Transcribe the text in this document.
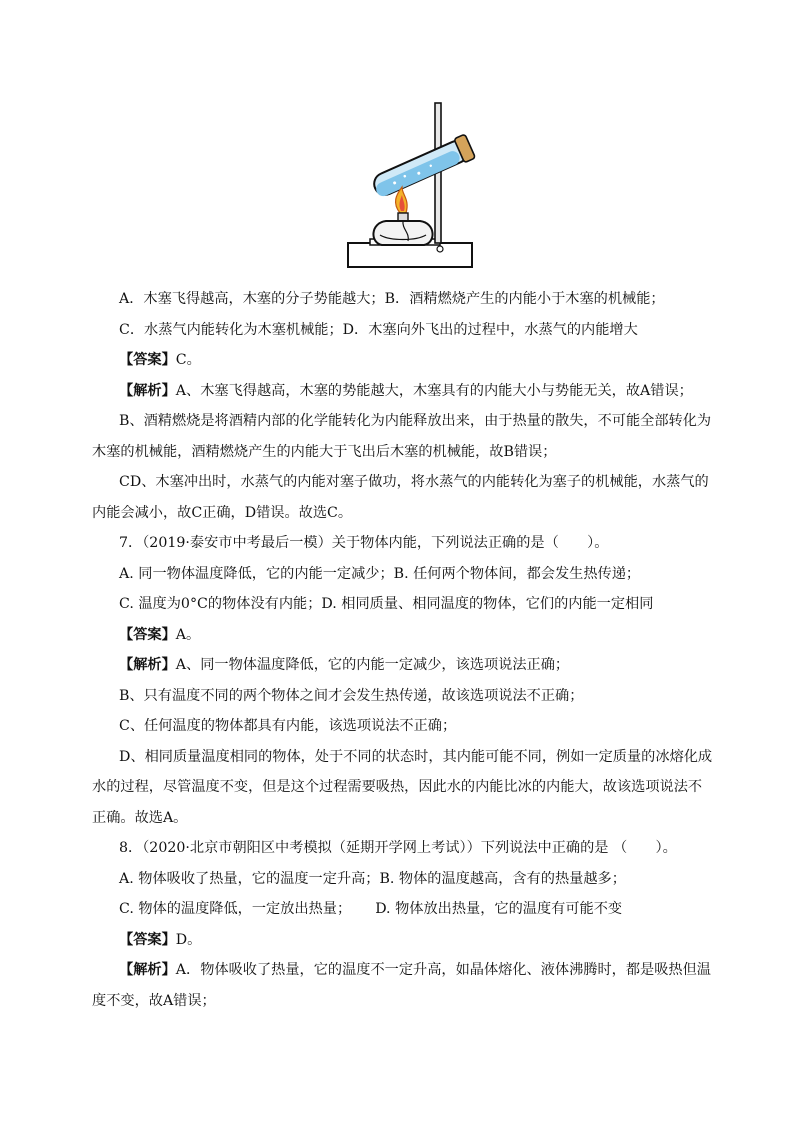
A．木塞飞得越高，木塞的分子势能越大；B．酒精燃烧产生的内能小于木塞的机械能；
C．水蒸气内能转化为木塞机械能；D．木塞向外飞出的过程中，水蒸气的内能增大
【答案】C。
【解析】A、木塞飞得越高，木塞的势能越大，木塞具有的内能大小与势能无关，故A错误；
B、酒精燃烧是将酒精内部的化学能转化为内能释放出来，由于热量的散失，不可能全部转化为
木塞的机械能，酒精燃烧产生的内能大于飞出后木塞的机械能，故B错误；
CD、木塞冲出时，水蒸气的内能对塞子做功，将水蒸气的内能转化为塞子的机械能，水蒸气的
内能会减小，故C正确，D错误。故选C。
7．（2019·泰安市中考最后一模）关于物体内能，下列说法正确的是（　　）。
A. 同一物体温度降低，它的内能一定减少；B. 任何两个物体间，都会发生热传递；
C. 温度为0°C的物体没有内能；D. 相同质量、相同温度的物体，它们的内能一定相同
【答案】A。
【解析】A、同一物体温度降低，它的内能一定减少，该选项说法正确；
B、只有温度不同的两个物体之间才会发生热传递，故该选项说法不正确；
C、任何温度的物体都具有内能，该选项说法不正确；
D、相同质量温度相同的物体，处于不同的状态时，其内能可能不同，例如一定质量的冰熔化成
水的过程，尽管温度不变，但是这个过程需要吸热，因此水的内能比冰的内能大，故该选项说法不
正确。故选A。
8．（2020·北京市朝阳区中考模拟（延期开学网上考试））下列说法中正确的是 （　　）。
A. 物体吸收了热量，它的温度一定升高；B. 物体的温度越高，含有的热量越多；
C. 物体的温度降低，一定放出热量； D. 物体放出热量，它的温度有可能不变
【答案】D。
【解析】A．物体吸收了热量，它的温度不一定升高，如晶体熔化、液体沸腾时，都是吸热但温
度不变，故A错误；
